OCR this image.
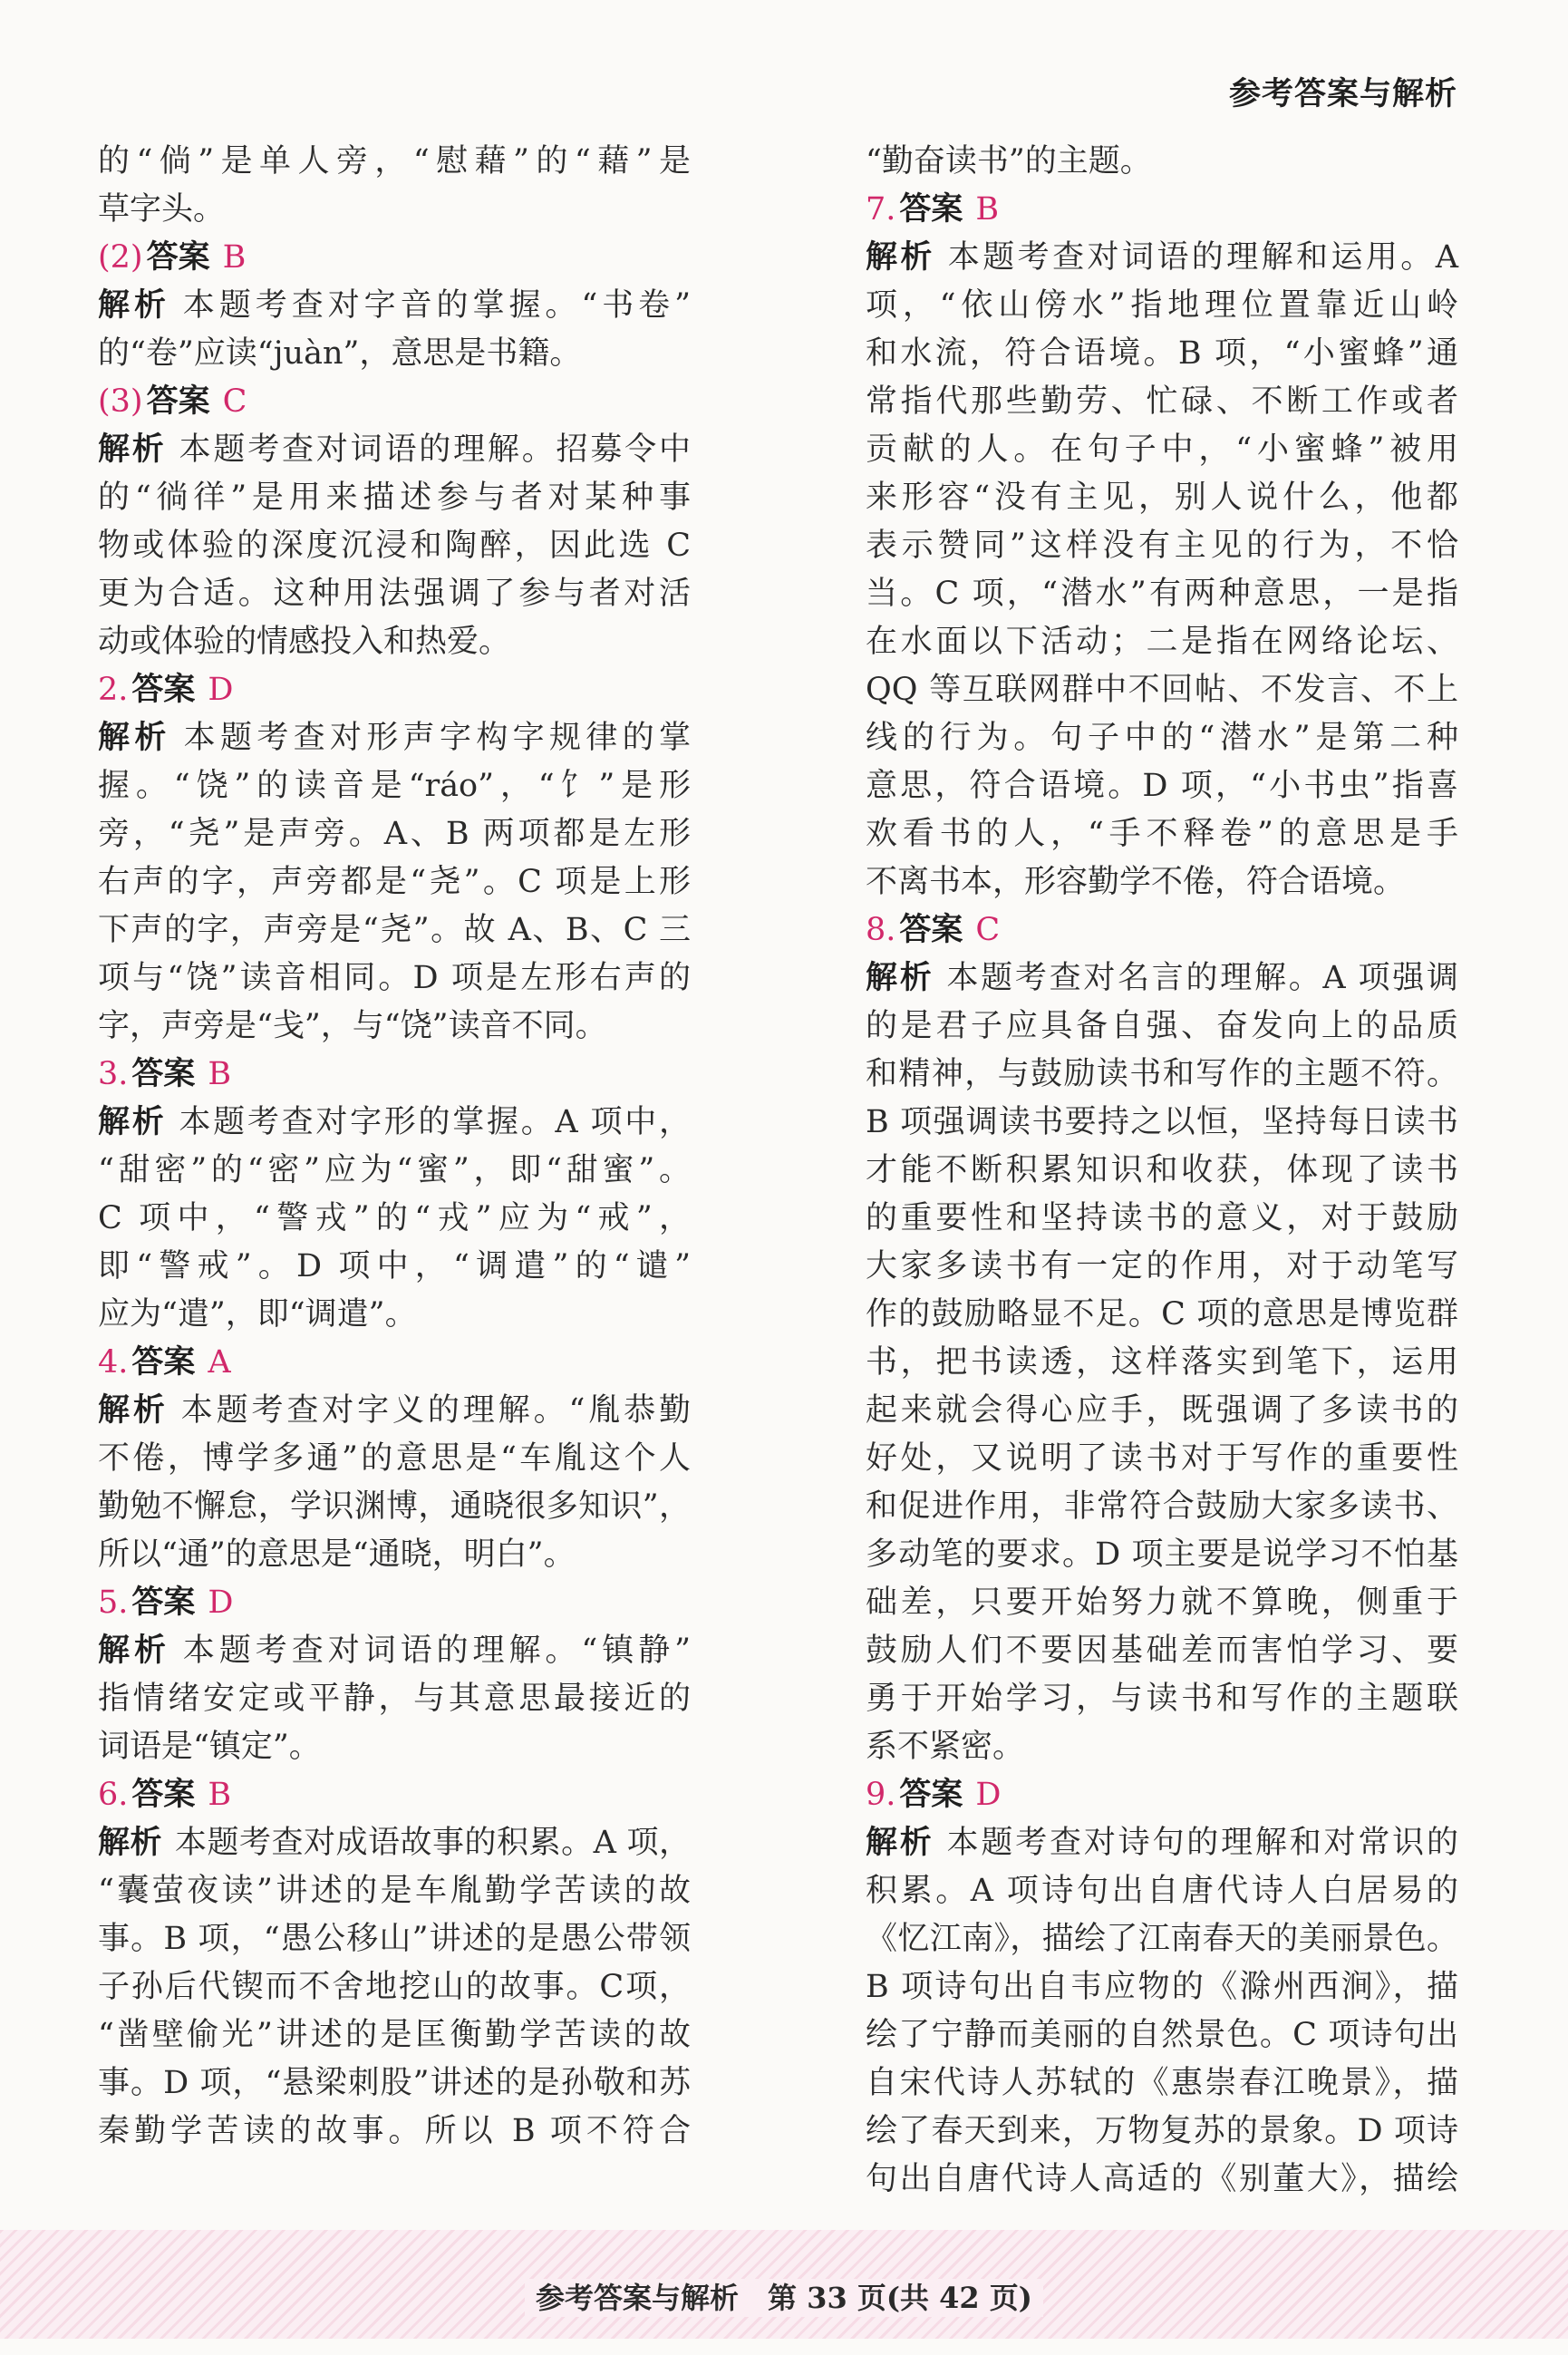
参考答案与解析
的“倘”是单人旁，“慰藉”的“藉”是
草字头。
(2) 答案 B
解析 本题考查对字音的掌握。“书卷”
的“卷”应读“juàn”，意思是书籍。
(3) 答案 C
解析 本题考查对词语的理解。招募令中
的“徜徉”是用来描述参与者对某种事
物或体验的深度沉浸和陶醉，因此选 C
更为合适。这种用法强调了参与者对活
动或体验的情感投入和热爱。
2. 答案 D
解析 本题考查对形声字构字规律的掌
握。“饶”的读音是“ráo”，“饣”是形
旁，“尧”是声旁。A、B 两项都是左形
右声的字，声旁都是“尧”。C 项是上形
下声的字，声旁是“尧”。故 A、B、C 三
项与“饶”读音相同。D 项是左形右声的
字，声旁是“戋”，与“饶”读音不同。
3. 答案 B
解析 本题考查对字形的掌握。A 项中，
“甜密”的“密”应为“蜜”，即“甜蜜”。
C 项中，“警戎”的“戎”应为“戒”，
即“警戒”。D 项中，“调遣”的“谴”
应为“遣”，即“调遣”。
4. 答案 A
解析 本题考查对字义的理解。“胤恭勤
不倦，博学多通”的意思是“车胤这个人
勤勉不懈怠，学识渊博，通晓很多知识”，
所以“通”的意思是“通晓，明白”。
5. 答案 D
解析 本题考查对词语的理解。“镇静”
指情绪安定或平静，与其意思最接近的
词语是“镇定”。
6. 答案 B
解析 本题考查对成语故事的积累。A 项，
“囊萤夜读”讲述的是车胤勤学苦读的故
事。B 项，“愚公移山”讲述的是愚公带领
子孙后代锲而不舍地挖山的故事。C项，
“凿壁偷光”讲述的是匡衡勤学苦读的故
事。D 项，“悬梁刺股”讲述的是孙敬和苏
秦勤学苦读的故事。所以 B 项不符合
“勤奋读书”的主题。
7. 答案 B
解析 本题考查对词语的理解和运用。A
项，“依山傍水”指地理位置靠近山岭
和水流，符合语境。B 项，“小蜜蜂”通
常指代那些勤劳、忙碌、不断工作或者
贡献的人。在句子中，“小蜜蜂”被用
来形容“没有主见，别人说什么，他都
表示赞同”这样没有主见的行为，不恰
当。C 项，“潜水”有两种意思，一是指
在水面以下活动；二是指在网络论坛、
QQ 等互联网群中不回帖、不发言、不上
线的行为。句子中的“潜水”是第二种
意思，符合语境。D 项，“小书虫”指喜
欢看书的人，“手不释卷”的意思是手
不离书本，形容勤学不倦，符合语境。
8. 答案 C
解析 本题考查对名言的理解。A 项强调
的是君子应具备自强、奋发向上的品质
和精神，与鼓励读书和写作的主题不符。
B 项强调读书要持之以恒，坚持每日读书
才能不断积累知识和收获，体现了读书
的重要性和坚持读书的意义，对于鼓励
大家多读书有一定的作用，对于动笔写
作的鼓励略显不足。C 项的意思是博览群
书，把书读透，这样落实到笔下，运用
起来就会得心应手，既强调了多读书的
好处，又说明了读书对于写作的重要性
和促进作用，非常符合鼓励大家多读书、
多动笔的要求。D 项主要是说学习不怕基
础差，只要开始努力就不算晚，侧重于
鼓励人们不要因基础差而害怕学习、要
勇于开始学习，与读书和写作的主题联
系不紧密。
9. 答案 D
解析 本题考查对诗句的理解和对常识的
积累。A 项诗句出自唐代诗人白居易的
《忆江南》，描绘了江南春天的美丽景色。
B 项诗句出自韦应物的《滁州西涧》，描
绘了宁静而美丽的自然景色。C 项诗句出
自宋代诗人苏轼的《惠崇春江晚景》，描
绘了春天到来，万物复苏的景象。D 项诗
句出自唐代诗人高适的《别董大》，描绘
参考答案与解析　第 33 页(共 42 页)
